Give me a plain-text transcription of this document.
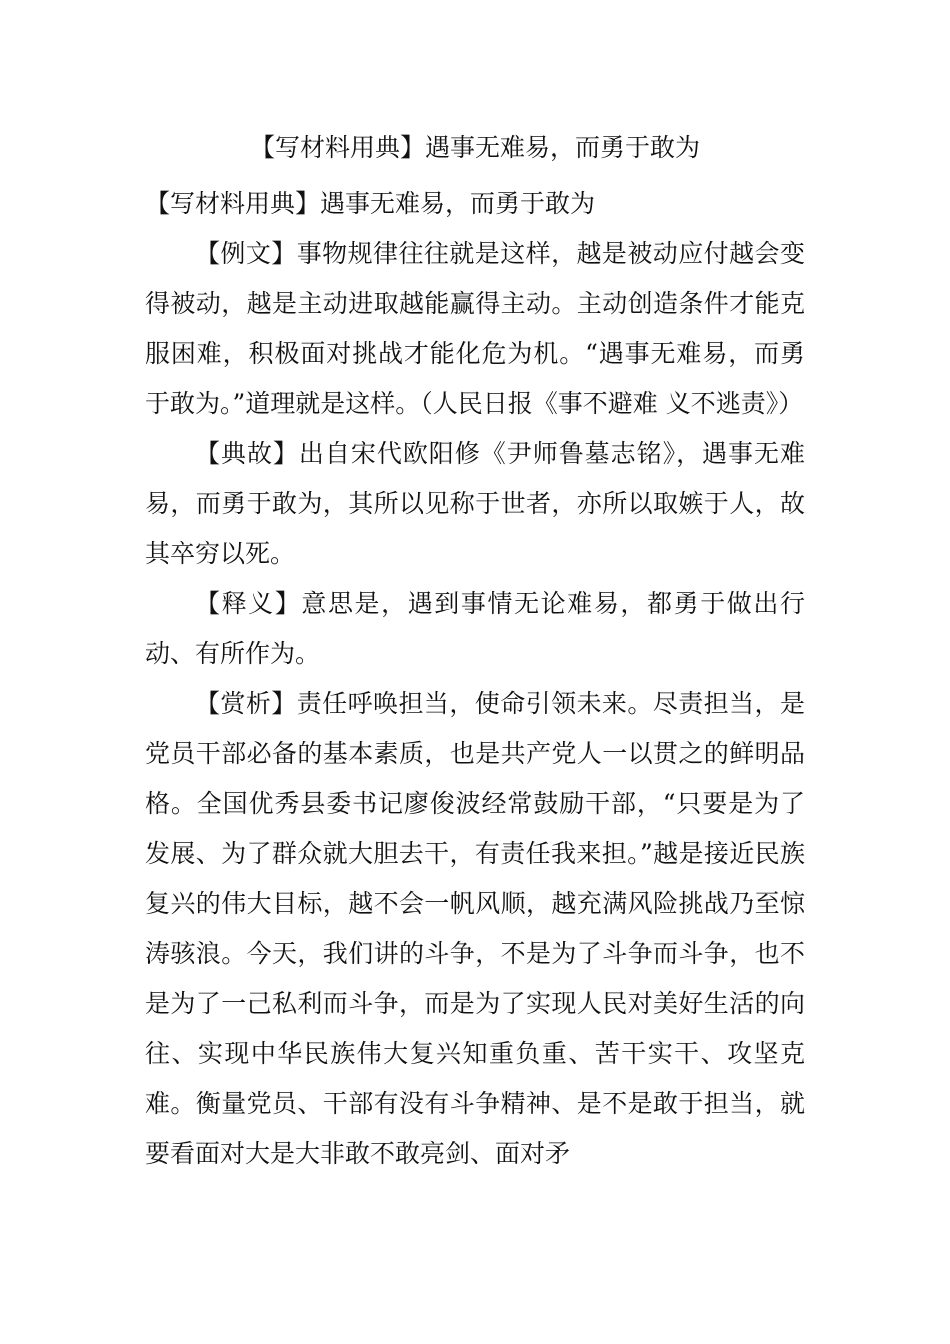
【写材料用典】遇事无难易，而勇于敢为

【写材料用典】遇事无难易，而勇于敢为

【例文】事物规律往往就是这样，越是被动应付越会变得被动，越是主动进取越能赢得主动。主动创造条件才能克服困难，积极面对挑战才能化危为机。“遇事无难易，而勇于敢为。”道理就是这样。（人民日报《事不避难 义不逃责》）

【典故】出自宋代欧阳修《尹师鲁墓志铭》，遇事无难易，而勇于敢为，其所以见称于世者，亦所以取嫉于人，故其卒穷以死。

【释义】意思是，遇到事情无论难易，都勇于做出行动、有所作为。

【赏析】责任呼唤担当，使命引领未来。尽责担当，是党员干部必备的基本素质，也是共产党人一以贯之的鲜明品格。全国优秀县委书记廖俊波经常鼓励干部，“只要是为了发展、为了群众就大胆去干，有责任我来担。”越是接近民族复兴的伟大目标，越不会一帆风顺，越充满风险挑战乃至惊涛骇浪。今天，我们讲的斗争，不是为了斗争而斗争，也不是为了一己私利而斗争，而是为了实现人民对美好生活的向往、实现中华民族伟大复兴知重负重、苦干实干、攻坚克难。衡量党员、干部有没有斗争精神、是不是敢于担当，就要看面对大是大非敢不敢亮剑、面对矛
